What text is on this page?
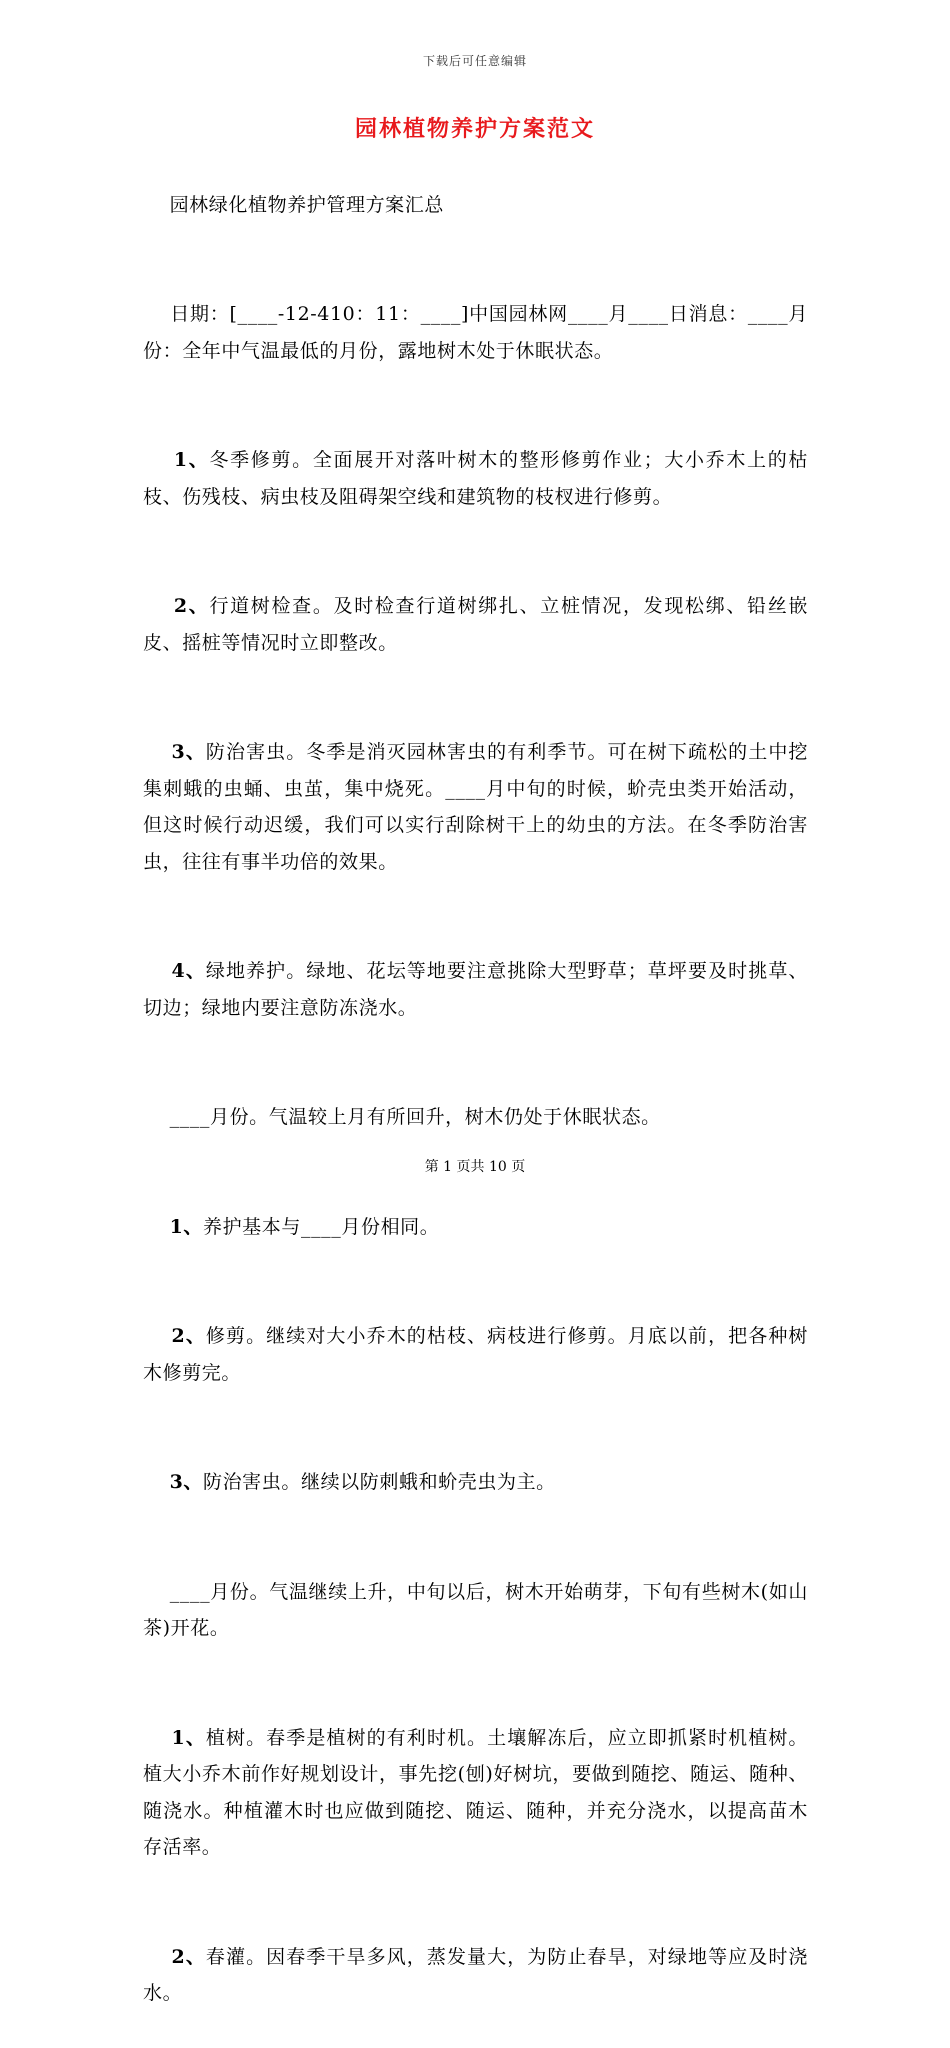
下载后可任意编辑
园林植物养护方案范文

园林绿化植物养护管理方案汇总

日期：[____-12-410：11：____]中国园林网____月____日消息：____月份：全年中气温最低的月份，露地树木处于休眠状态。

1、冬季修剪。全面展开对落叶树木的整形修剪作业；大小乔木上的枯枝、伤残枝、病虫枝及阻碍架空线和建筑物的枝杈进行修剪。

2、行道树检查。及时检查行道树绑扎、立桩情况，发现松绑、铅丝嵌皮、摇桩等情况时立即整改。

3、防治害虫。冬季是消灭园林害虫的有利季节。可在树下疏松的土中挖集刺蛾的虫蛹、虫茧，集中烧死。____月中旬的时候，蚧壳虫类开始活动，但这时候行动迟缓，我们可以实行刮除树干上的幼虫的方法。在冬季防治害虫，往往有事半功倍的效果。

4、绿地养护。绿地、花坛等地要注意挑除大型野草；草坪要及时挑草、切边；绿地内要注意防冻浇水。

____月份。气温较上月有所回升，树木仍处于休眠状态。

1、养护基本与____月份相同。

2、修剪。继续对大小乔木的枯枝、病枝进行修剪。月底以前，把各种树木修剪完。

3、防治害虫。继续以防刺蛾和蚧壳虫为主。

____月份。气温继续上升，中旬以后，树木开始萌芽，下旬有些树木(如山茶)开花。

1、植树。春季是植树的有利时机。土壤解冻后，应立即抓紧时机植树。植大小乔木前作好规划设计，事先挖(刨)好树坑，要做到随挖、随运、随种、随浇水。种植灌木时也应做到随挖、随运、随种，并充分浇水，以提高苗木存活率。

2、春灌。因春季干旱多风，蒸发量大，为防止春旱，对绿地等应及时浇水。

第 1 页共 10 页
